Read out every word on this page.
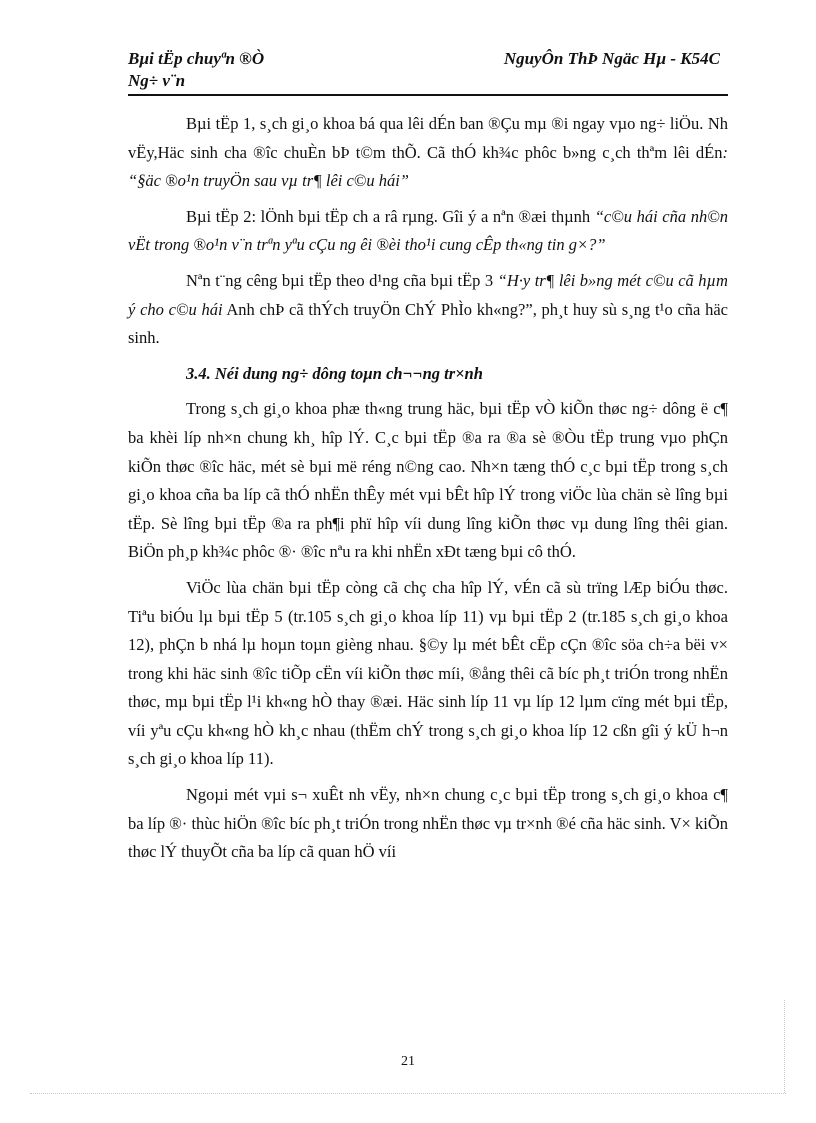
Bµi tËp chuyªn ®Ò
Ng÷ v¨n
NguyÔn ThÞ Ngäc Hµ - K54C

Bµi tËp 1, s¸ch gi¸o khoa bá qua lêi dÉn ban ®Çu mµ ®i ngay vµo ng÷ liÖu. Nh vËy,Häc sinh cha ®îc chuÈn bÞ t©m thÕ. Cã thÓ kh¾c phôc b»ng c¸ch thªm lêi dÉn: “§äc ®o¹n truyÖn sau vµ tr¶ lêi c©u hái”

Bµi tËp 2: lÖnh bµi tËp ch a râ rµng. Gîi ý a nªn ®æi thµnh “c©u hái cña nh©n vËt trong ®o¹n v¨n trªn yªu cÇu ng êi ®èi tho¹i cung cÊp th«ng tin g×?”

Nªn t¨ng cêng bµi tËp theo d¹ng cña bµi tËp 3 “H·y tr¶ lêi b»ng mét c©u cã hµm ý cho c©u hái Anh chÞ cã thÝch truyÖn ChÝ PhÌo kh«ng?”, ph¸t huy sù s¸ng t¹o cña häc sinh.

3.4. Néi dung ng÷ dông toµn ch¬¬ng tr×nh

Trong s¸ch gi¸o khoa phæ th«ng trung häc, bµi tËp vÒ kiÕn thøc ng÷ dông ë c¶ ba khèi líp nh×n chung kh¸ hîp lÝ. C¸c bµi tËp ®a ra ®a sè ®Òu tËp trung vµo phÇn kiÕn thøc ®îc häc, mét sè bµi më réng n©ng cao. Nh×n tæng thÓ c¸c bµi tËp trong s¸ch gi¸o khoa cña ba líp cã thÓ nhËn thÊy mét vµi bÊt hîp lÝ trong viÖc lùa chän sè lîng bµi tËp. Sè lîng bµi tËp ®a ra ph¶i phï hîp víi dung lîng kiÕn thøc vµ dung lîng thêi gian. BiÖn ph¸p kh¾c phôc ®· ®îc nªu ra khi nhËn xÐt tæng bµi cô thÓ.

ViÖc lùa chän bµi tËp còng cã chç cha hîp lÝ, vÉn cã sù trïng lÆp biÓu thøc. Tiªu biÓu lµ bµi tËp 5 (tr.105 s¸ch gi¸o khoa líp 11) vµ bµi tËp 2 (tr.185 s¸ch gi¸o khoa 12), phÇn b nhá lµ hoµn toµn gièng nhau. §©y lµ mét bÊt cËp cÇn ®îc söa ch÷a bëi v× trong khi häc sinh ®îc tiÕp cËn víi kiÕn thøc míi, ®ång thêi cã bíc ph¸t triÓn trong nhËn thøc, mµ bµi tËp l¹i kh«ng hÒ thay ®æi. Häc sinh líp 11 vµ líp 12 lµm cïng mét bµi tËp, víi yªu cÇu kh«ng hÒ kh¸c nhau (thËm chÝ trong s¸ch gi¸o khoa líp 12 cßn gîi ý kÜ h¬n s¸ch gi¸o khoa líp 11).

Ngoµi mét vµi s¬ xuÊt nh vËy, nh×n chung c¸c bµi tËp trong s¸ch gi¸o khoa c¶ ba líp ®· thùc hiÖn ®îc bíc ph¸t triÓn trong nhËn thøc vµ tr×nh ®é cña häc sinh. V× kiÕn thøc lÝ thuyÕt cña ba líp cã quan hÖ víi

21
